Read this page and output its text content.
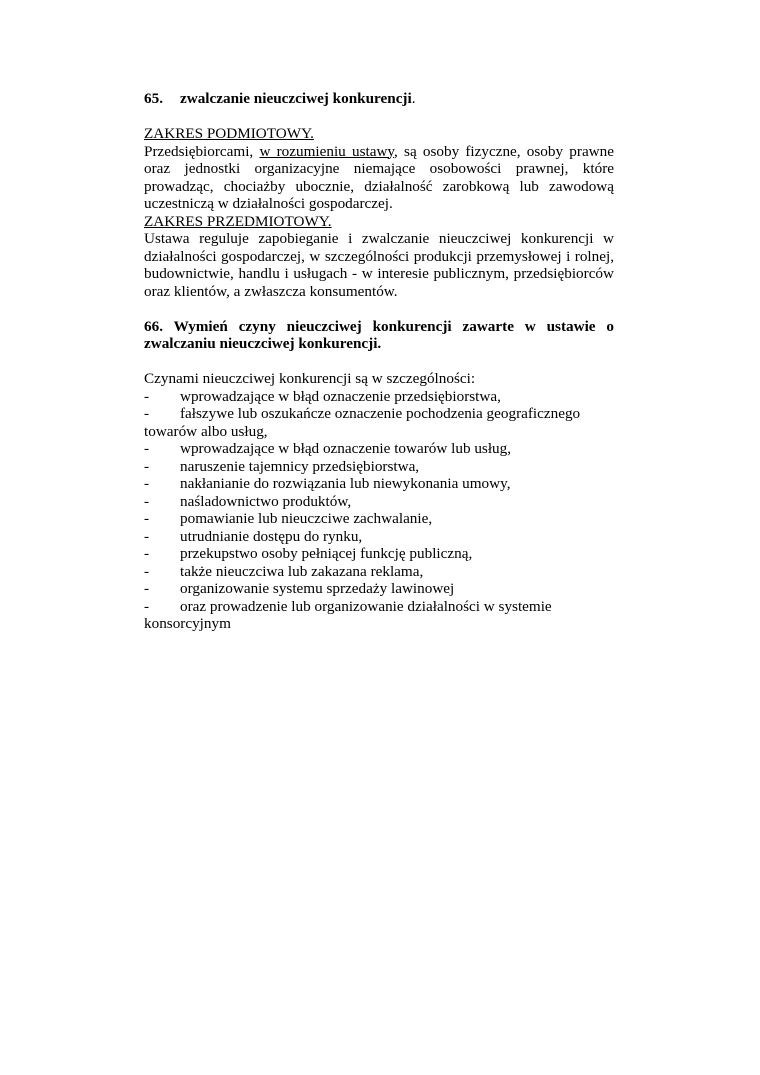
65. zwalczanie nieuczciwej konkurencji.
ZAKRES PODMIOTOWY.
Przedsiębiorcami, w rozumieniu ustawy, są osoby fizyczne, osoby prawne oraz jednostki organizacyjne niemające osobowości prawnej, które prowadząc, chociażby ubocznie, działalność zarobkową lub zawodową uczestniczą w działalności gospodarczej.
ZAKRES PRZEDMIOTOWY.
Ustawa reguluje zapobieganie i zwalczanie nieuczciwej konkurencji w działalności gospodarczej, w szczególności produkcji przemysłowej i rolnej, budownictwie, handlu i usługach - w interesie publicznym, przedsiębiorców oraz klientów, a zwłaszcza konsumentów.
66. Wymień czyny nieuczciwej konkurencji zawarte w ustawie o zwalczaniu nieuczciwej konkurencji.
Czynami nieuczciwej konkurencji są w szczególności:
-	wprowadzające w błąd oznaczenie przedsiębiorstwa,
-	fałszywe lub oszukańcze oznaczenie pochodzenia geograficznego
towarów albo usług,
-	wprowadzające w błąd oznaczenie towarów lub usług,
-	naruszenie tajemnicy przedsiębiorstwa,
-	nakłanianie do rozwiązania lub niewykonania umowy,
-	naśladownictwo produktów,
-	pomawianie lub nieuczciwe zachwalanie,
-	utrudnianie dostępu do rynku,
-	przekupstwo osoby pełniącej funkcję publiczną,
-	także nieuczciwa lub zakazana reklama,
-	organizowanie systemu sprzedaży lawinowej
-	oraz prowadzenie lub organizowanie działalności w systemie
konsorcyjnym
